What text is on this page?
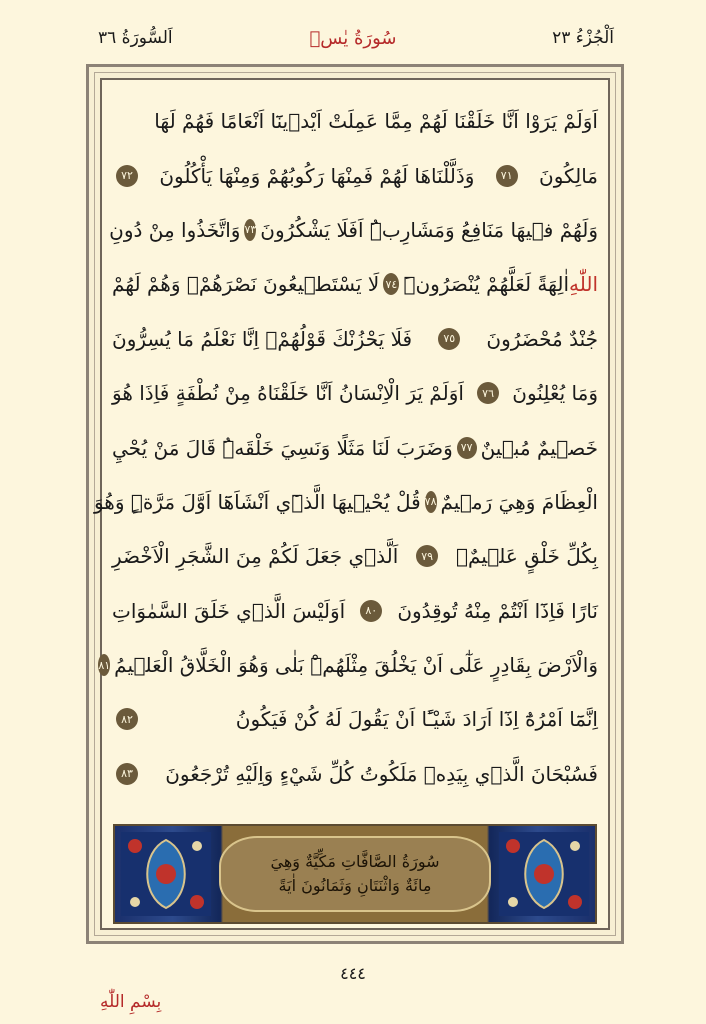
اَلْجُزْءُ ٢٣
سُورَةُ يٰسۤ
اَلسُّورَةُ ٣٦
اَوَلَمْ يَرَوْا اَنَّا خَلَقْنَا لَهُمْ مِمَّا عَمِلَتْ اَيْدٖينَٓا اَنْعَامًا فَهُمْ لَهَا
مَالِكُونَ
٧١
وَذَلَّلْنَاهَا لَهُمْ فَمِنْهَا رَكُوبُهُمْ وَمِنْهَا يَأْكُلُونَ
٧٢
وَلَهُمْ فٖيهَا مَنَافِعُ وَمَشَارِبُۜ اَفَلَا يَشْكُرُونَ
٧٣
وَاتَّخَذُوا مِنْ دُونِ
اللّٰهِ
اٰلِهَةً لَعَلَّهُمْ يُنْصَرُونَۜ
٧٤
لَا يَسْتَطٖيعُونَ نَصْرَهُمْۙ وَهُمْ لَهُمْ
جُنْدٌ مُحْضَرُونَ
٧٥
فَلَا يَحْزُنْكَ قَوْلُهُمْۘ اِنَّا نَعْلَمُ مَا يُسِرُّونَ
وَمَا يُعْلِنُونَ
٧٦
اَوَلَمْ يَرَ الْاِنْسَانُ اَنَّا خَلَقْنَاهُ مِنْ نُطْفَةٍ فَاِذَا هُوَ
خَصٖيمٌ مُبٖينٌ
٧٧
وَضَرَبَ لَنَا مَثَلًا وَنَسِيَ خَلْقَهُۜ قَالَ مَنْ يُحْيِ
الْعِظَامَ وَهِيَ رَمٖيمٌ
٧٨
قُلْ يُحْيٖيهَا الَّذٖٓي اَنْشَاَهَٓا اَوَّلَ مَرَّةٍۜ وَهُوَ
بِكُلِّ خَلْقٍ عَلٖيمٌۙ
٧٩
اَلَّذٖي جَعَلَ لَكُمْ مِنَ الشَّجَرِ الْاَخْضَرِ
نَارًا فَاِذَٓا اَنْتُمْ مِنْهُ تُوقِدُونَ
٨٠
اَوَلَيْسَ الَّذٖي خَلَقَ السَّمٰوَاتِ
وَالْاَرْضَ بِقَادِرٍ عَلٰٓى اَنْ يَخْلُقَ مِثْلَهُمْۜ بَلٰى وَهُوَ الْخَلَّاقُ الْعَلٖيمُ
٨١
اِنَّمَٓا اَمْرُهُٓ اِذَٓا اَرَادَ شَيْـًٔا اَنْ يَقُولَ لَهُ كُنْ فَيَكُونُ
٨٢
فَسُبْحَانَ الَّذٖي بِيَدِهٖ مَلَكُوتُ كُلِّ شَيْءٍ وَاِلَيْهِ تُرْجَعُونَ
٨٣
سُورَةُ الصَّافَّاتِ مَكِّيَّةٌ وَهِيَ
مِائَةٌ وَاثْنَتَانِ وَثَمَانُونَ اٰيَةً
٤٤٤
بِسْمِ اللّٰهِ
